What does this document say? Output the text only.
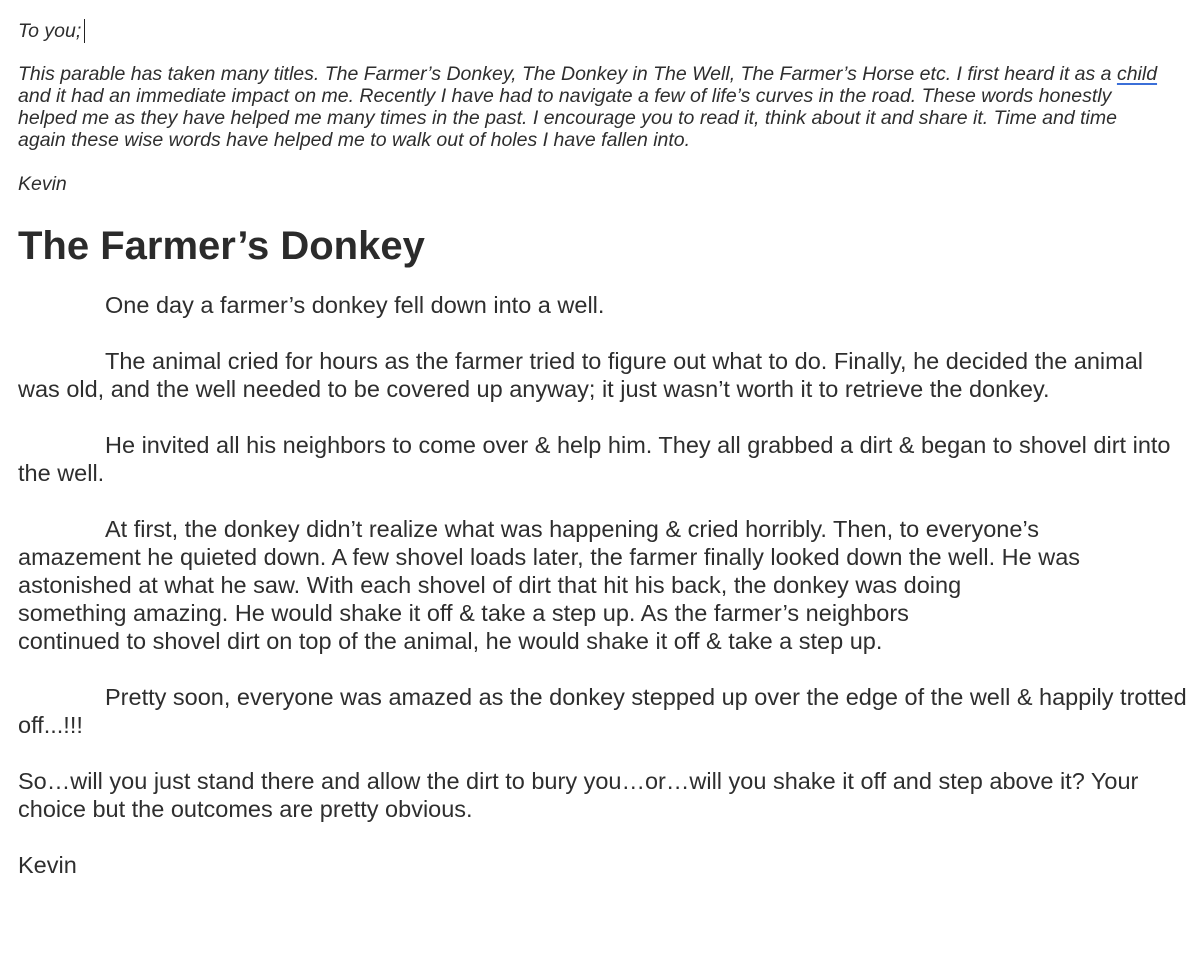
To you;

This parable has taken many titles. The Farmer’s Donkey, The Donkey in The Well, The Farmer’s Horse etc. I first heard it as a child and it had an immediate impact on me. Recently I have had to navigate a few of life’s curves in the road. These words honestly helped me as they have helped me many times in the past. I encourage you to read it, think about it and share it. Time and time again these wise words have helped me to walk out of holes I have fallen into.

Kevin
The Farmer’s Donkey

One day a farmer’s donkey fell down into a well.

The animal cried for hours as the farmer tried to figure out what to do. Finally, he decided the animal was old, and the well needed to be covered up anyway; it just wasn’t worth it to retrieve the donkey.

He invited all his neighbors to come over & help him. They all grabbed a dirt & began to shovel dirt into the well.

At first, the donkey didn’t realize what was happening & cried horribly. Then, to everyone’s amazement he quieted down. A few shovel loads later, the farmer finally looked down the well. He was astonished at what he saw. With each shovel of dirt that hit his back, the donkey was doing
something amazing. He would shake it off & take a step up. As the farmer’s neighbors
continued to shovel dirt on top of the animal, he would shake it off & take a step up.

Pretty soon, everyone was amazed as the donkey stepped up over the edge of the well & happily trotted off...!!!

So…will you just stand there and allow the dirt to bury you…or…will you shake it off and step above it? Your choice but the outcomes are pretty obvious.

Kevin
